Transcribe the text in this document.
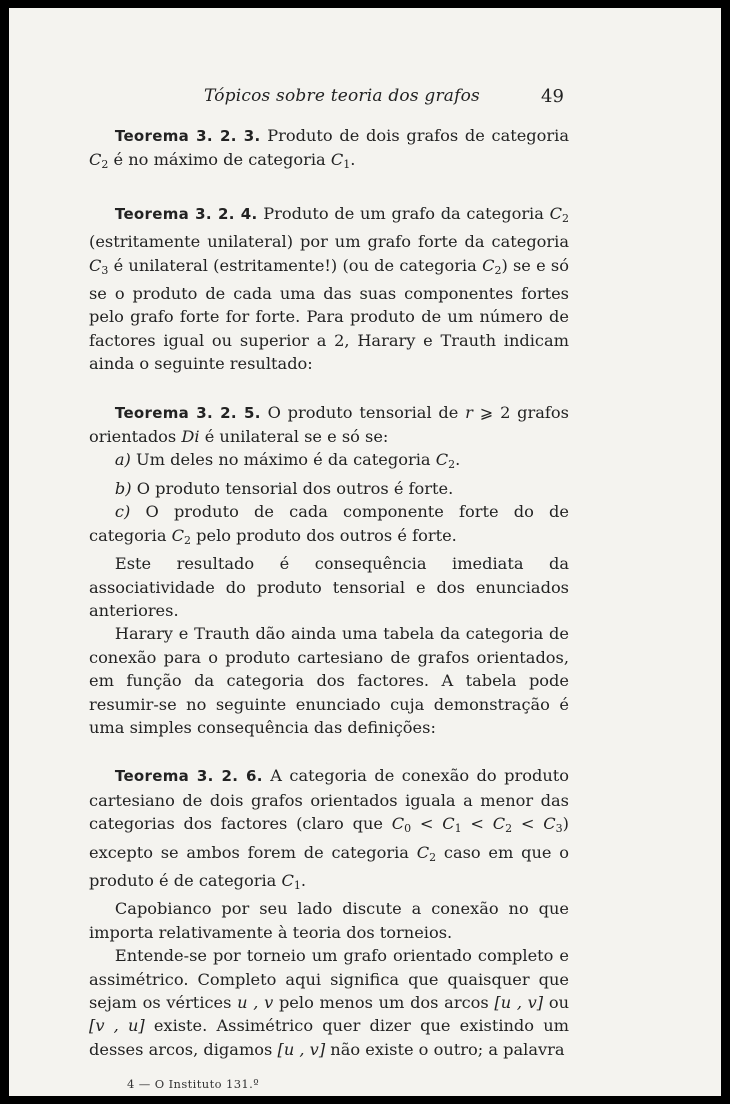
Tópicos sobre teoria dos grafos	49

Teorema 3. 2. 3. Produto de dois grafos de categoria $C_2$ é no máximo de categoria $C_1$.

Teorema 3. 2. 4. Produto de um grafo da categoria $C_2$ (estritamente unilateral) por um grafo forte da categoria $C_3$ é unilateral (estritamente!) (ou de categoria $C_2$) se e só se o produto de cada uma das suas componentes fortes pelo grafo forte for forte. Para produto de um número de factores igual ou superior a 2, Harary e Trauth indicam ainda o seguinte resultado:

Teorema 3. 2. 5. O produto tensorial de r ⩾ 2 grafos orientados Di é unilateral se e só se:

a) Um deles no máximo é da categoria $C_2$.

b) O produto tensorial dos outros é forte.

c) O produto de cada componente forte do de categoria $C_2$ pelo produto dos outros é forte.

Este resultado é consequência imediata da associatividade do produto tensorial e dos enunciados anteriores.

Harary e Trauth dão ainda uma tabela da categoria de conexão para o produto cartesiano de grafos orientados, em função da categoria dos factores. A tabela pode resumir-se no seguinte enunciado cuja demonstração é uma simples consequência das definições:

Teorema 3. 2. 6. A categoria de conexão do produto cartesiano de dois grafos orientados iguala a menor das categorias dos factores (claro que $C_0 < C_1 < C_2 < C_3$) excepto se ambos forem de categoria $C_2$ caso em que o produto é de categoria $C_1$.

Capobianco por seu lado discute a conexão no que importa relativamente à teoria dos torneios.

Entende-se por torneio um grafo orientado completo e assimétrico. Completo aqui significa que quaisquer que sejam os vértices u , v pelo menos um dos arcos [u , v] ou [v , u] existe. Assimétrico quer dizer que existindo um desses arcos, digamos [u , v] não existe o outro; a palavra

4 — O Instituto 131.º
